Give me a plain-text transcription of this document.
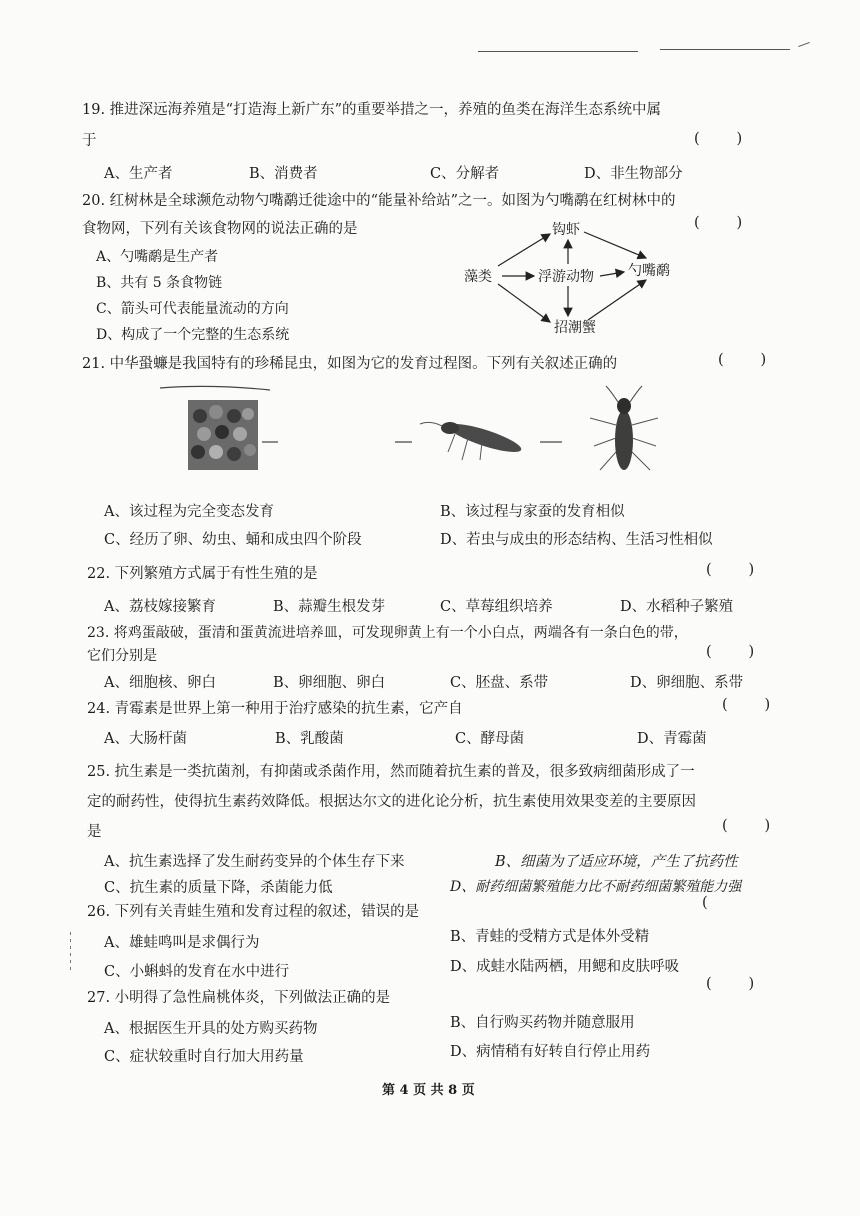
19. 推进深远海养殖是“打造海上新广东”的重要举措之一，养殖的鱼类在海洋生态系统中属
于	(        )
A、生产者	B、消费者	C、分解者	D、非生物部分
20. 红树林是全球濒危动物勺嘴鹬迁徙途中的“能量补给站”之一。如图为勺嘴鹬在红树林中的
食物网，下列有关该食物网的说法正确的是	(        )
A、勺嘴鹬是生产者
B、共有 5 条食物链
C、箭头可代表能量流动的方向
D、构成了一个完整的生态系统
钩虾
藻类	浮游动物 勺嘴鹬
招潮蟹
21. 中华蛩蠊是我国特有的珍稀昆虫，如图为它的发育过程图。下列有关叙述正确的	(        )
A、该过程为完全变态发育	B、该过程与家蚕的发育相似
C、经历了卵、幼虫、蛹和成虫四个阶段	D、若虫与成虫的形态结构、生活习性相似
22. 下列繁殖方式属于有性生殖的是	(        )
A、荔枝嫁接繁育	B、蒜瓣生根发芽	C、草莓组织培养	D、水稻种子繁殖
23. 将鸡蛋敲破，蛋清和蛋黄流进培养皿，可发现卵黄上有一个小白点，两端各有一条白色的带，
它们分别是	(        )
A、细胞核、卵白	B、卵细胞、卵白	C、胚盘、系带	D、卵细胞、系带
24. 青霉素是世界上第一种用于治疗感染的抗生素，它产自	(        )
A、大肠杆菌	B、乳酸菌	C、酵母菌	D、青霉菌
25. 抗生素是一类抗菌剂，有抑菌或杀菌作用，然而随着抗生素的普及，很多致病细菌形成了一
定的耐药性，使得抗生素药效降低。根据达尔文的进化论分析，抗生素使用效果变差的主要原因
是	(        )
A、抗生素选择了发生耐药变异的个体生存下来	B、细菌为了适应环境，产生了抗药性
C、抗生素的质量下降，杀菌能力低	D、耐药细菌繁殖能力比不耐药细菌繁殖能力强
26. 下列有关青蛙生殖和发育过程的叙述，错误的是
(
A、雄蛙鸣叫是求偶行为	B、青蛙的受精方式是体外受精
C、小蝌蚪的发育在水中进行	D、成蛙水陆两栖，用鳃和皮肤呼吸
27. 小明得了急性扁桃体炎，下列做法正确的是
(        )
A、根据医生开具的处方购买药物	B、自行购买药物并随意服用
C、症状较重时自行加大用药量	D、病情稍有好转自行停止用药
第 4 页 共 8 页
